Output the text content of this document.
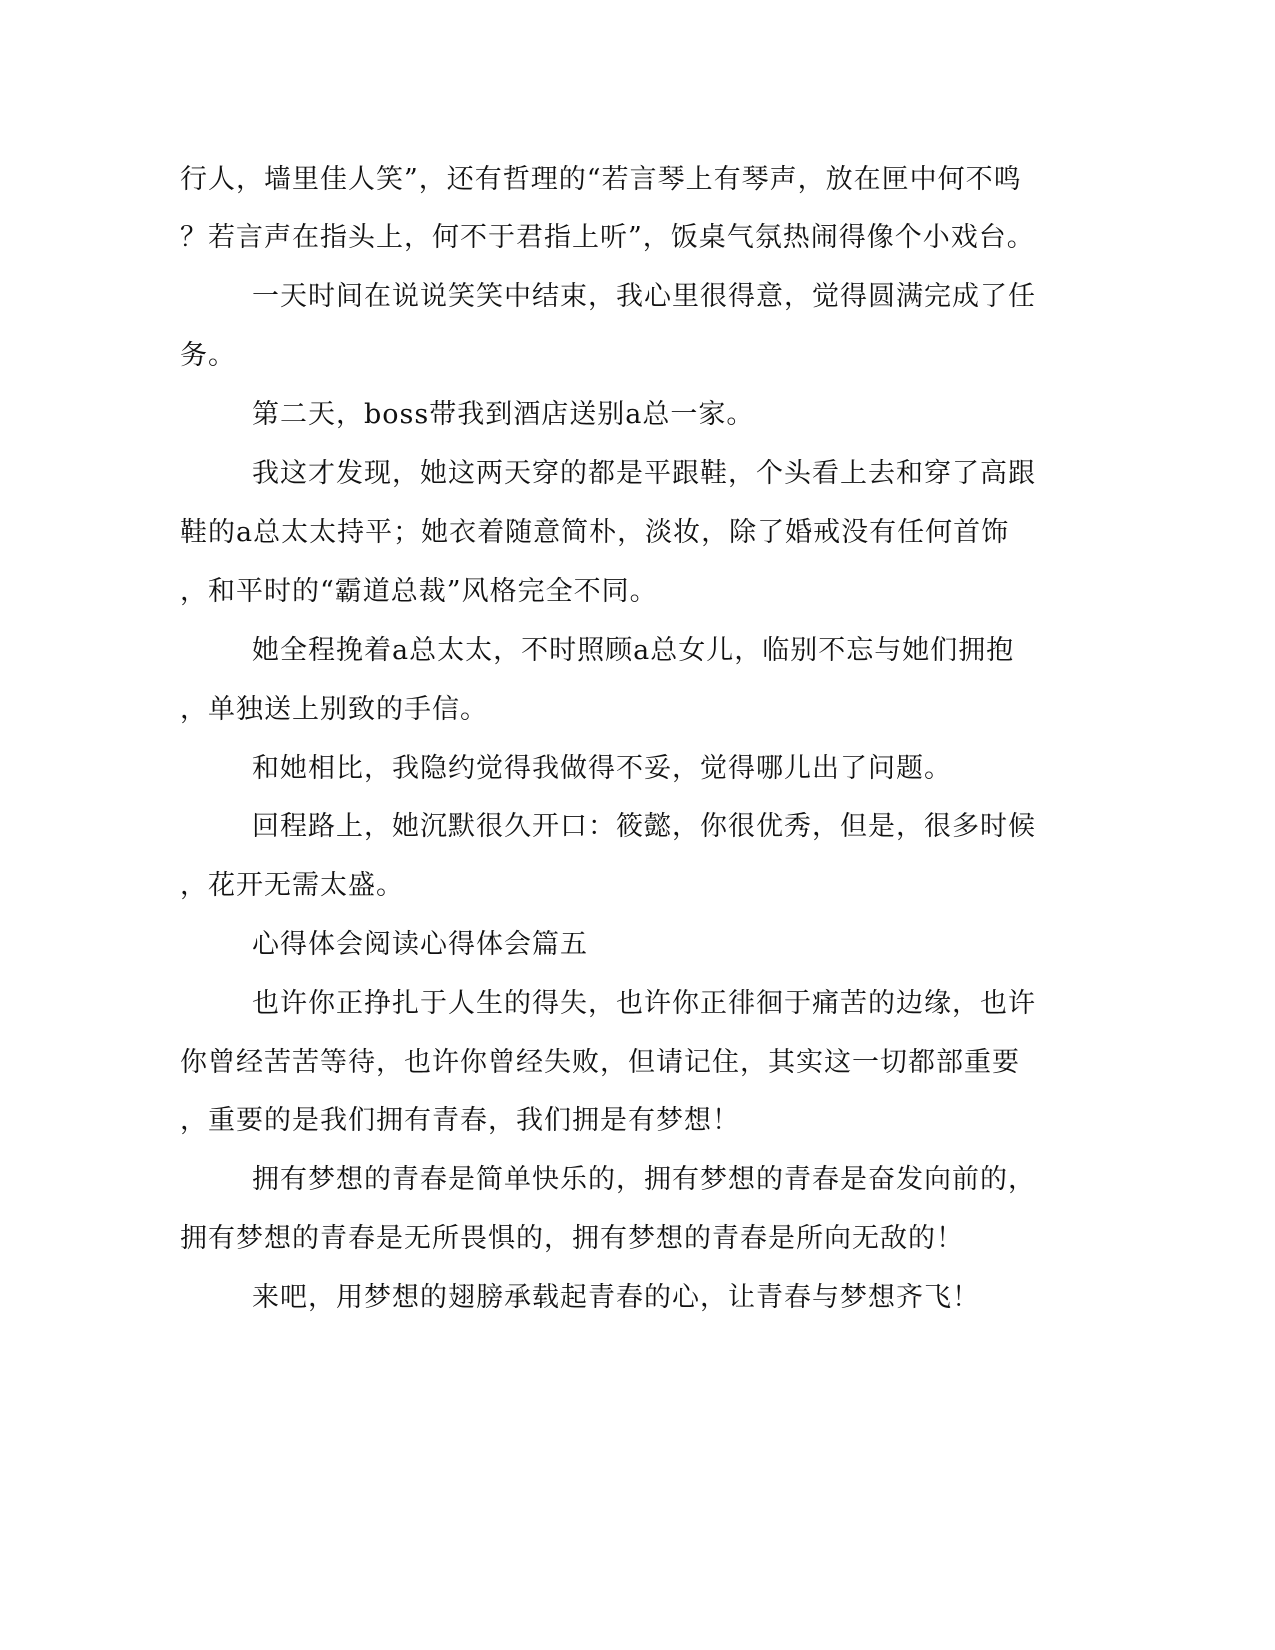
行人，墙里佳人笑”，还有哲理的“若言琴上有琴声，放在匣中何不鸣
？若言声在指头上，何不于君指上听”，饭桌气氛热闹得像个小戏台。
一天时间在说说笑笑中结束，我心里很得意，觉得圆满完成了任
务。
第二天，boss带我到酒店送别a总一家。
我这才发现，她这两天穿的都是平跟鞋，个头看上去和穿了高跟
鞋的a总太太持平；她衣着随意简朴，淡妆，除了婚戒没有任何首饰
，和平时的“霸道总裁”风格完全不同。
她全程挽着a总太太，不时照顾a总女儿，临别不忘与她们拥抱
，单独送上别致的手信。
和她相比，我隐约觉得我做得不妥，觉得哪儿出了问题。
回程路上，她沉默很久开口：筱懿，你很优秀，但是，很多时候
，花开无需太盛。
心得体会阅读心得体会篇五
也许你正挣扎于人生的得失，也许你正徘徊于痛苦的边缘，也许
你曾经苦苦等待，也许你曾经失败，但请记住，其实这一切都部重要
，重要的是我们拥有青春，我们拥是有梦想！
拥有梦想的青春是简单快乐的，拥有梦想的青春是奋发向前的，
拥有梦想的青春是无所畏惧的，拥有梦想的青春是所向无敌的！
来吧，用梦想的翅膀承载起青春的心，让青春与梦想齐飞！
